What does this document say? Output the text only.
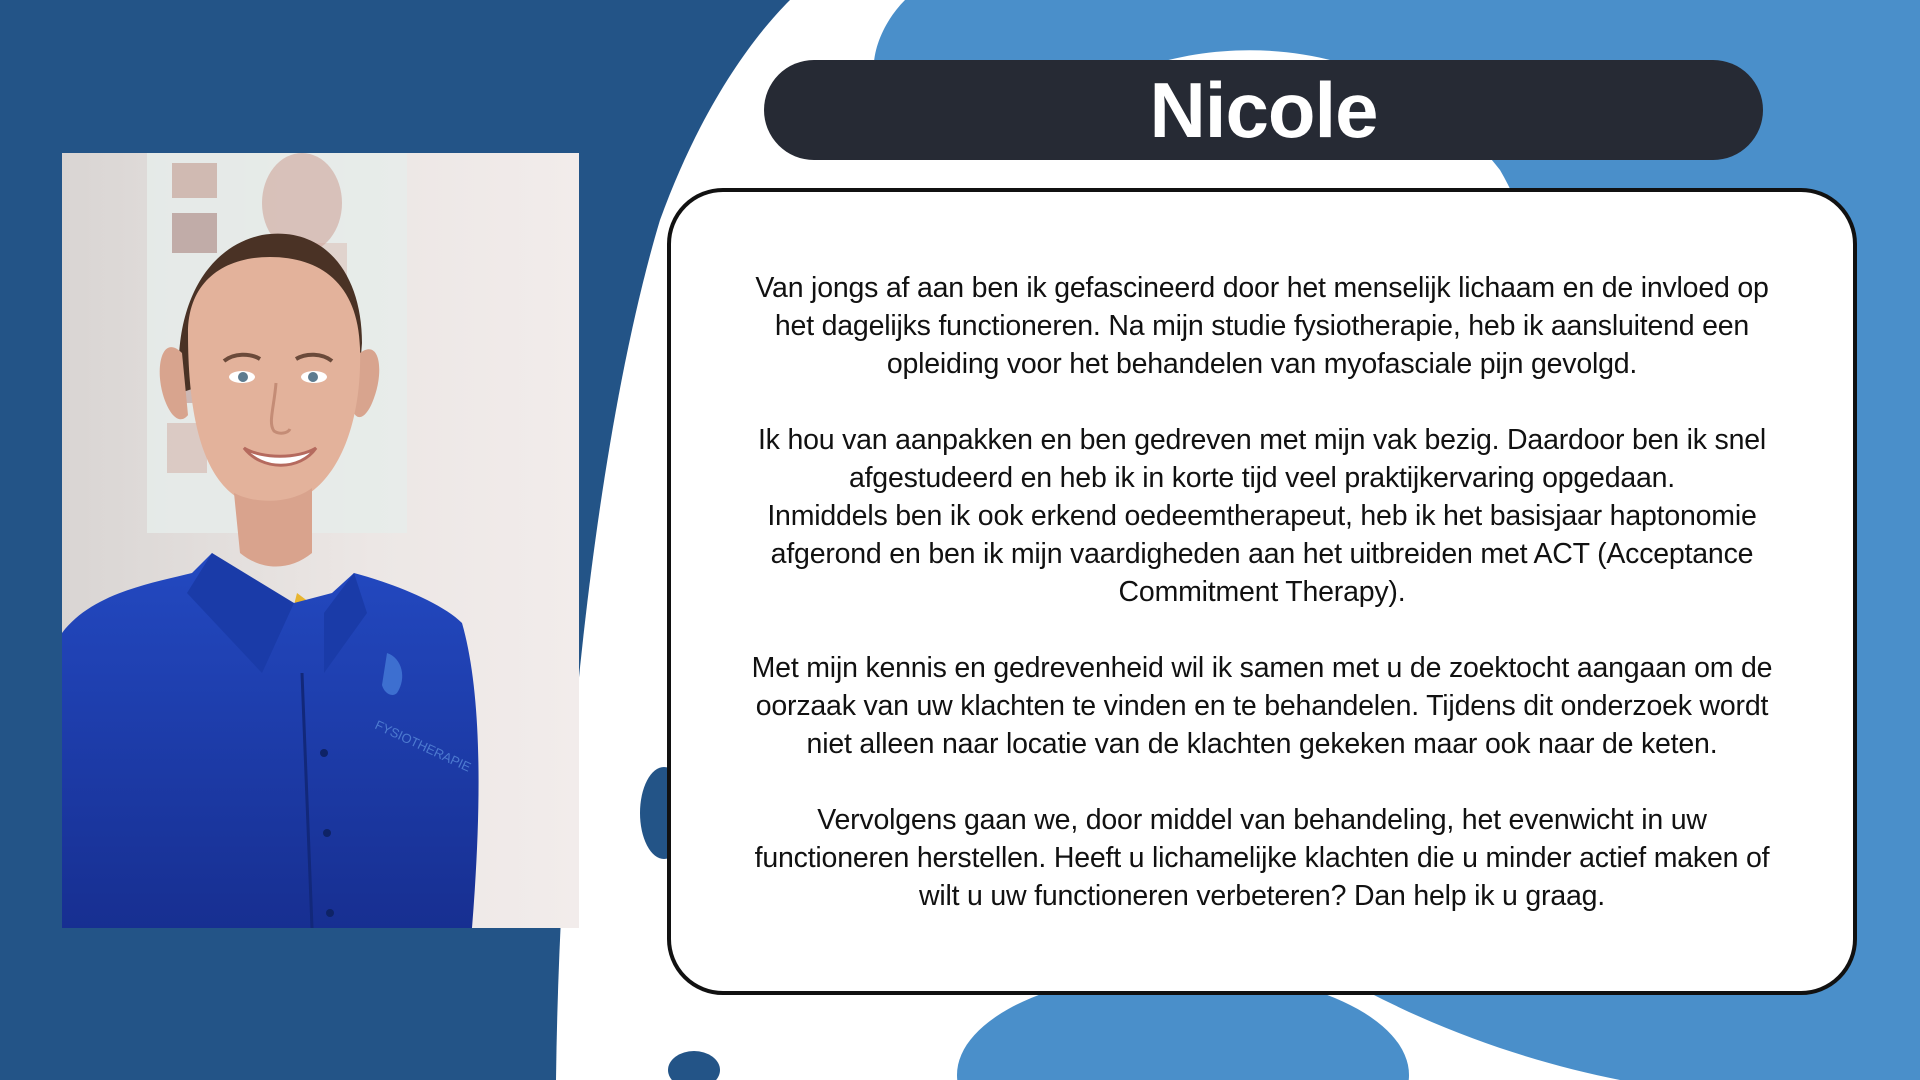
FYSIOTHERAPIE
Nicole

Van jongs af aan ben ik gefascineerd door het menselijk lichaam en de invloed op
het dagelijks functioneren. Na mijn studie fysiotherapie, heb ik aansluitend een
opleiding voor het behandelen van myofasciale pijn gevolgd.

Ik hou van aanpakken en ben gedreven met mijn vak bezig. Daardoor ben ik snel
afgestudeerd en heb ik in korte tijd veel praktijkervaring opgedaan.
Inmiddels ben ik ook erkend oedeemtherapeut, heb ik het basisjaar haptonomie
afgerond en ben ik mijn vaardigheden aan het uitbreiden met ACT (Acceptance
Commitment Therapy).

Met mijn kennis en gedrevenheid wil ik samen met u de zoektocht aangaan om de
oorzaak van uw klachten te vinden en te behandelen. Tijdens dit onderzoek wordt
niet alleen naar locatie van de klachten gekeken maar ook naar de keten.

Vervolgens gaan we, door middel van behandeling, het evenwicht in uw
functioneren herstellen. Heeft u lichamelijke klachten die u minder actief maken of
wilt u uw functioneren verbeteren? Dan help ik u graag.
